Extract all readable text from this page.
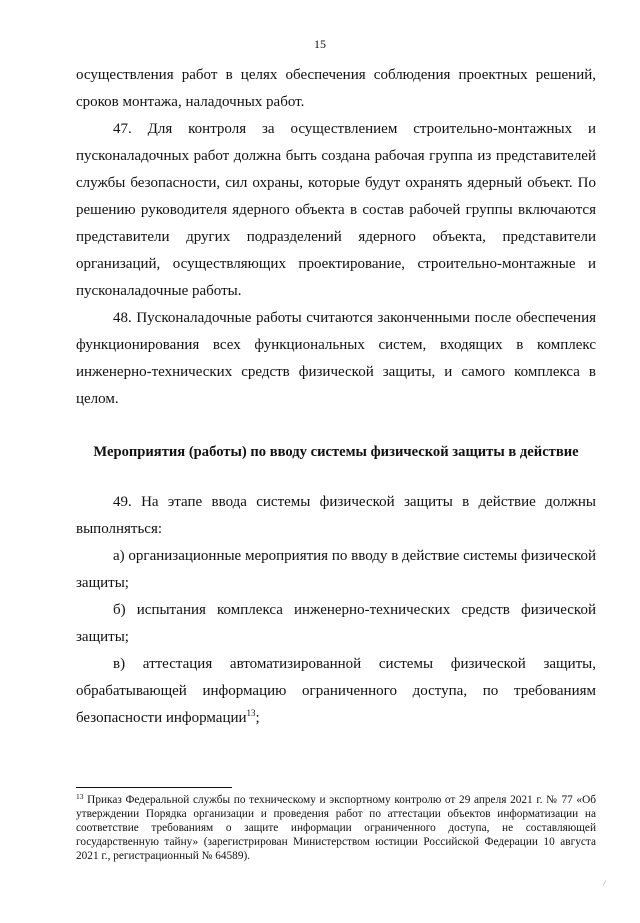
15

осуществления работ в целях обеспечения соблюдения проектных решений, сроков монтажа, наладочных работ.

47. Для контроля за осуществлением строительно-монтажных и пусконаладочных работ должна быть создана рабочая группа из представителей службы безопасности, сил охраны, которые будут охранять ядерный объект. По решению руководителя ядерного объекта в состав рабочей группы включаются представители других подразделений ядерного объекта, представители организаций, осуществляющих проектирование, строительно-монтажные и пусконаладочные работы.

48. Пусконаладочные работы считаются законченными после обеспечения функционирования всех функциональных систем, входящих в комплекс инженерно-технических средств физической защиты, и самого комплекса в целом.

Мероприятия (работы) по вводу системы физической защиты в действие

49. На этапе ввода системы физической защиты в действие должны выполняться:

а) организационные мероприятия по вводу в действие системы физической защиты;

б) испытания комплекса инженерно-технических средств физической защиты;

в) аттестация автоматизированной системы физической защиты, обрабатывающей информацию ограниченного доступа, по требованиям безопасности информации$^{13}$;

$^{13}$ Приказ Федеральной службы по техническому и экспортному контролю от 29 апреля 2021 г. № 77 «Об утверждении Порядка организации и проведения работ по аттестации объектов информатизации на соответствие требованиям о защите информации ограниченного доступа, не составляющей государственную тайну» (зарегистрирован Министерством юстиции Российской Федерации 10 августа 2021 г., регистрационный № 64589).
